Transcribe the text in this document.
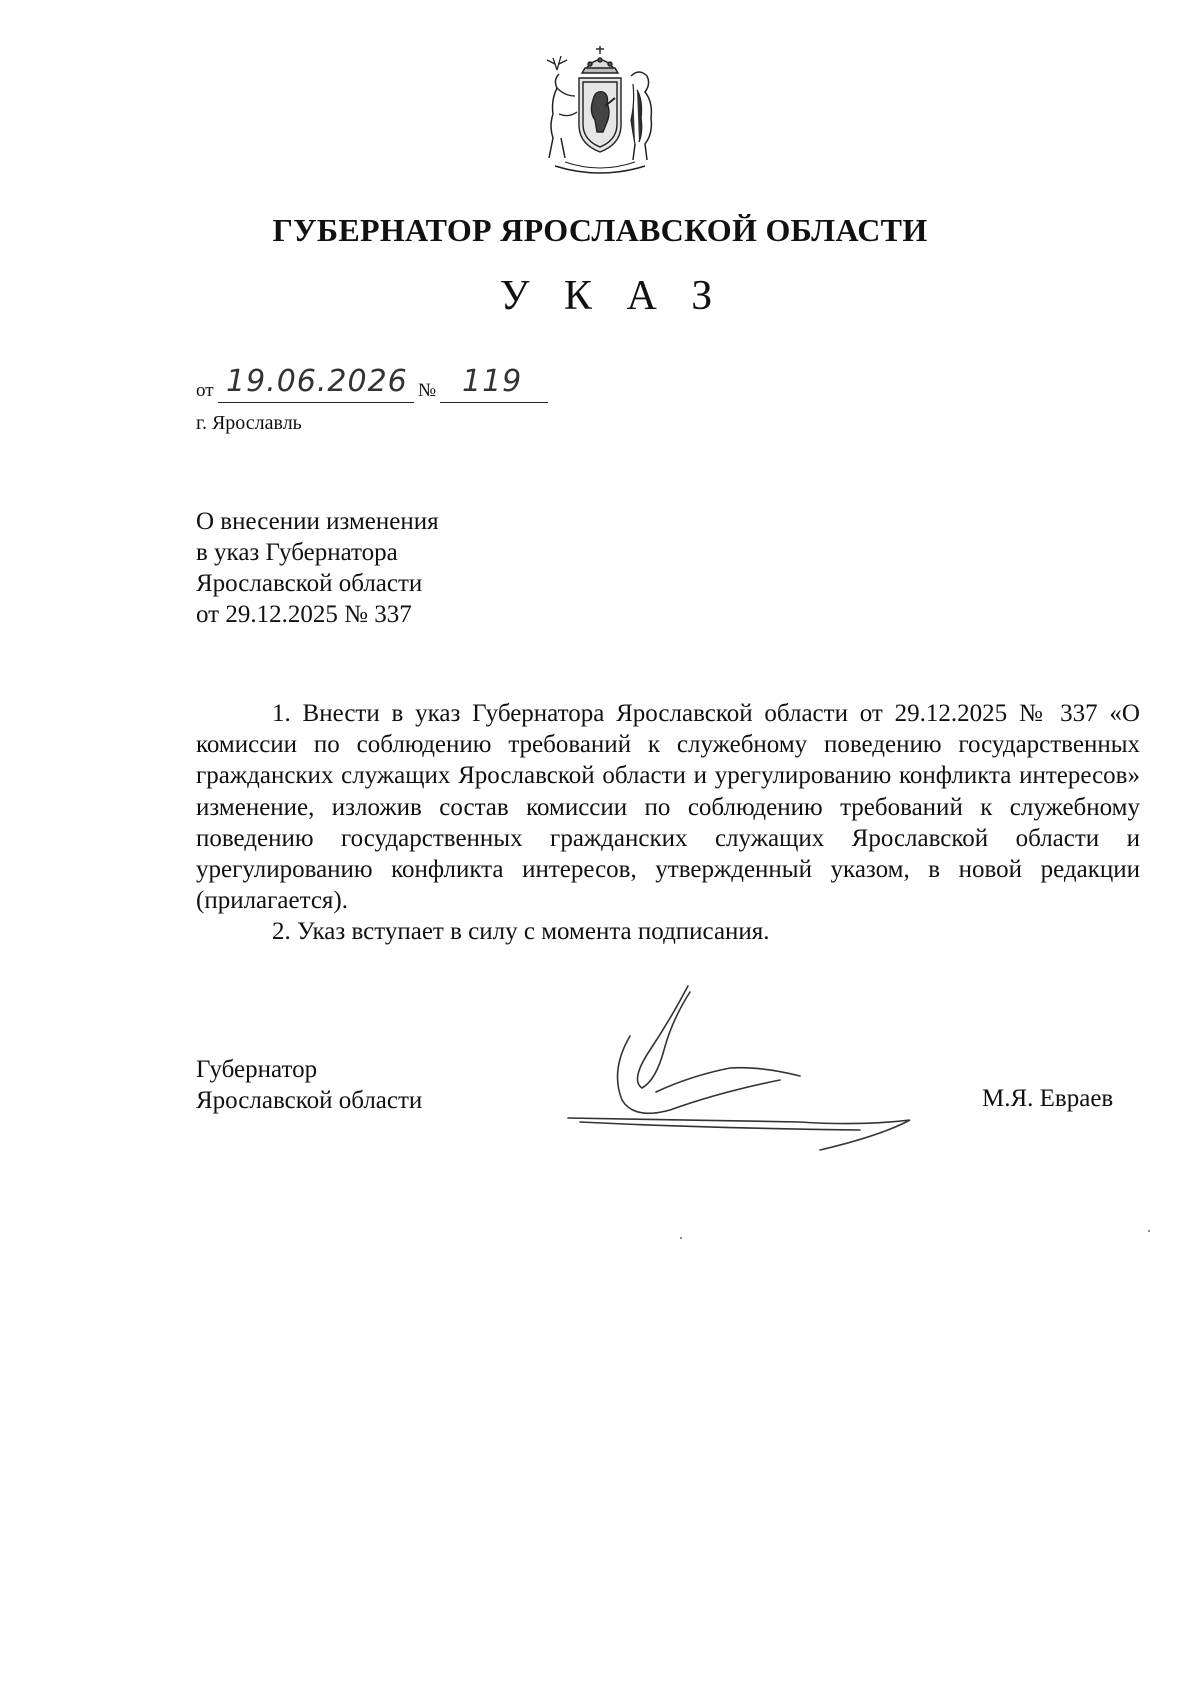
ГУБЕРНАТОР ЯРОСЛАВСКОЙ ОБЛАСТИ
У К А З
от 19.06.2026 № 119
г. Ярославль
О внесении изменения
в указ Губернатора
Ярославской области
от 29.12.2025 № 337

1. Внести в указ Губернатора Ярославской области от 29.12.2025 № 337 «О комиссии по соблюдению требований к служебному поведению государственных гражданских служащих Ярославской области и урегулированию конфликта интересов» изменение, изложив состав комиссии по соблюдению требований к служебному поведению государственных гражданских служащих Ярославской области и урегулированию конфликта интересов, утвержденный указом, в новой редакции (прилагается).

2. Указ вступает в силу с момента подписания.

Губернатор
Ярославской области	М.Я. Евраев
